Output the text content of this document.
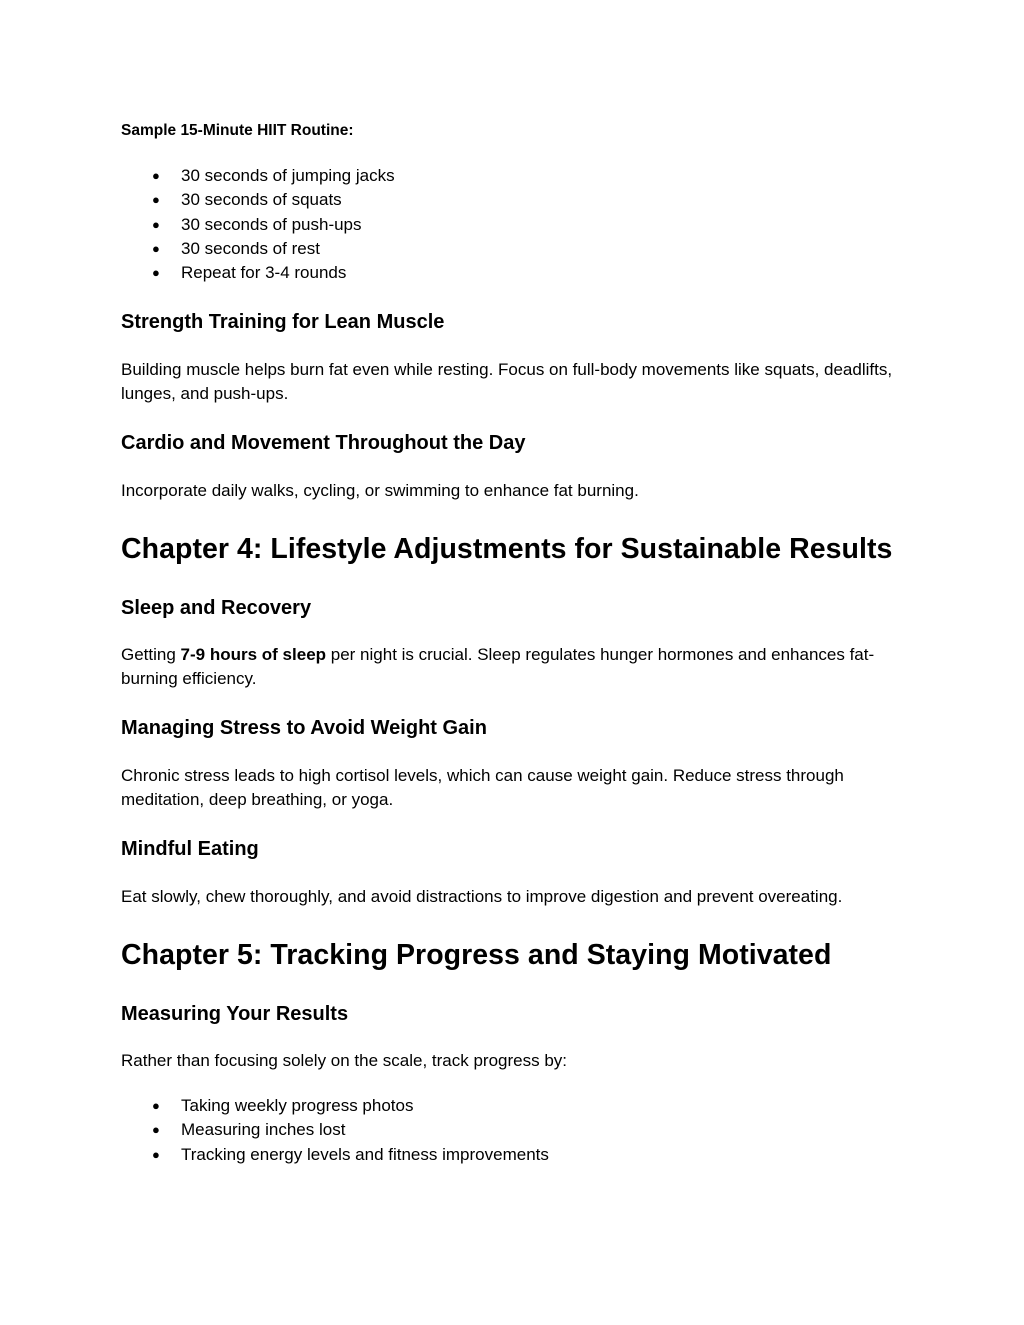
Sample 15-Minute HIIT Routine:
● 30 seconds of jumping jacks
● 30 seconds of squats
● 30 seconds of push-ups
● 30 seconds of rest
● Repeat for 3-4 rounds
Strength Training for Lean Muscle

Building muscle helps burn fat even while resting. Focus on full-body movements like squats, deadlifts, lunges, and push-ups.

Cardio and Movement Throughout the Day

Incorporate daily walks, cycling, or swimming to enhance fat burning.

Chapter 4: Lifestyle Adjustments for Sustainable Results
Sleep and Recovery

Getting 7-9 hours of sleep per night is crucial. Sleep regulates hunger hormones and enhances fat-burning efficiency.

Managing Stress to Avoid Weight Gain

Chronic stress leads to high cortisol levels, which can cause weight gain. Reduce stress through meditation, deep breathing, or yoga.

Mindful Eating

Eat slowly, chew thoroughly, and avoid distractions to improve digestion and prevent overeating.

Chapter 5: Tracking Progress and Staying Motivated
Measuring Your Results

Rather than focusing solely on the scale, track progress by:

● Taking weekly progress photos
● Measuring inches lost
● Tracking energy levels and fitness improvements
